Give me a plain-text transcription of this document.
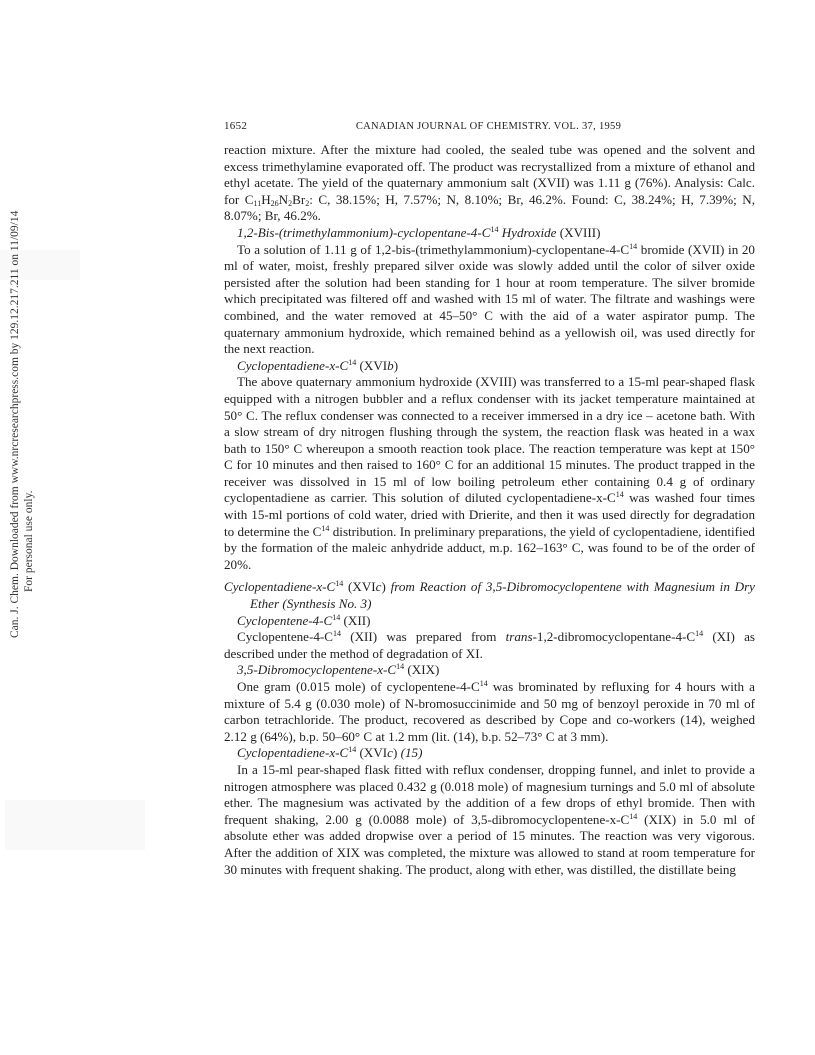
Can. J. Chem. Downloaded from www.nrcresearchpress.com by 129.12.217.211 on 11/09/14 For personal use only.
1652	CANADIAN JOURNAL OF CHEMISTRY. VOL. 37, 1959

reaction mixture. After the mixture had cooled, the sealed tube was opened and the solvent and excess trimethylamine evaporated off. The product was recrystallized from a mixture of ethanol and ethyl acetate. The yield of the quaternary ammonium salt (XVII) was 1.11 g (76%). Analysis: Calc. for $C_{11}H_{26}N_2Br_2$: C, 38.15%; H, 7.57%; N, 8.10%; Br, 46.2%. Found: C, 38.24%; H, 7.39%; N, 8.07%; Br, 46.2%.

$1,2-Bis-(trimethylammonium)-cyclopentane-4-C^{14}$ Hydroxide (XVIII)

To a solution of 1.11 g of $1,2-bis-(trimethylammonium)-cyclopentane-4-C^{14}$ bromide (XVII) in 20 ml of water, moist, freshly prepared silver oxide was slowly added until the color of silver oxide persisted after the solution had been standing for 1 hour at room temperature. The silver bromide which precipitated was filtered off and washed with 15 ml of water. The filtrate and washings were combined, and the water removed at 45–50° C with the aid of a water aspirator pump. The quaternary ammonium hydroxide, which remained behind as a yellowish oil, was used directly for the next reaction.

Cyclopentadiene-$x-C^{14}$ (XVIb)

The above quaternary ammonium hydroxide (XVIII) was transferred to a 15-ml pear-shaped flask equipped with a nitrogen bubbler and a reflux condenser with its jacket temperature maintained at 50° C. The reflux condenser was connected to a receiver immersed in a dry ice – acetone bath. With a slow stream of dry nitrogen flushing through the system, the reaction flask was heated in a wax bath to 150° C whereupon a smooth reaction took place. The reaction temperature was kept at 150° C for 10 minutes and then raised to 160° C for an additional 15 minutes. The product trapped in the receiver was dissolved in 15 ml of low boiling petroleum ether containing 0.4 g of ordinary cyclopentadiene as carrier. This solution of diluted cyclopentadiene-$x-C^{14}$ was washed four times with 15-ml portions of cold water, dried with Drierite, and then it was used directly for degradation to determine the $C^{14}$ distribution. In preliminary preparations, the yield of cyclopentadiene, identified by the formation of the maleic anhydride adduct, m.p. 162–163° C, was found to be of the order of 20%.

Cyclopentadiene-$x-C^{14}$ (XVIc) from Reaction of 3,5-Dibromocyclopentene with Magnesium in Dry Ether (Synthesis No. 3)

Cyclopentene-$4-C^{14}$ (XII)

Cyclopentene-$4-C^{14}$ (XII) was prepared from trans-$1,2-dibromocyclopentane-4-C^{14}$ (XI) as described under the method of degradation of XI.

$3,5-Dibromocyclopentene-x-C^{14}$ (XIX)

One gram (0.015 mole) of cyclopentene-$4-C^{14}$ was brominated by refluxing for 4 hours with a mixture of 5.4 g (0.030 mole) of N-bromosuccinimide and 50 mg of benzoyl peroxide in 70 ml of carbon tetrachloride. The product, recovered as described by Cope and co-workers (14), weighed 2.12 g (64%), b.p. 50–60° C at 1.2 mm (lit. (14), b.p. 52–73° C at 3 mm).

Cyclopentadiene-$x-C^{14}$ (XVIc) (15)

In a 15-ml pear-shaped flask fitted with reflux condenser, dropping funnel, and inlet to provide a nitrogen atmosphere was placed 0.432 g (0.018 mole) of magnesium turnings and 5.0 ml of absolute ether. The magnesium was activated by the addition of a few drops of ethyl bromide. Then with frequent shaking, 2.00 g (0.0088 mole) of $3,5-dibromocyclopentene-x-C^{14}$ (XIX) in 5.0 ml of absolute ether was added dropwise over a period of 15 minutes. The reaction was very vigorous. After the addition of XIX was completed, the mixture was allowed to stand at room temperature for 30 minutes with frequent shaking. The product, along with ether, was distilled, the distillate being
